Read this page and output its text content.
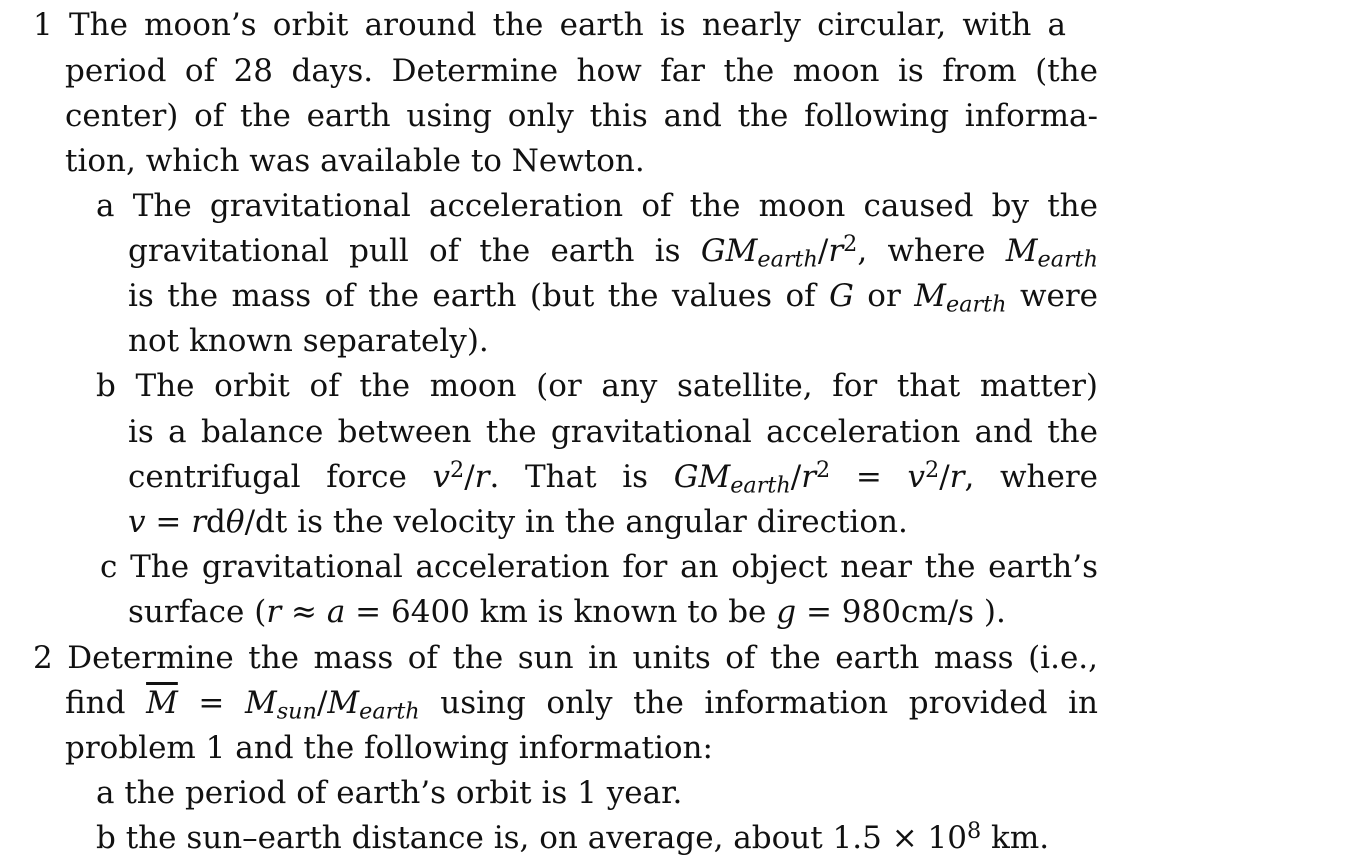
1 The moon’s orbit around the earth is nearly circular, with a
period of 28 days. Determine how far the moon is from (the
center) of the earth using only this and the following informa-
tion, which was available to Newton.
a The gravitational acceleration of the moon caused by the
gravitational pull of the earth is $GM_{earth}/r^2$, where $M_{earth}$
is the mass of the earth (but the values of G or $M_{earth}$ were
not known separately).
b The orbit of the moon (or any satellite, for that matter)
is a balance between the gravitational acceleration and the
centrifugal force $v^2/r$. That is $GM_{earth}/r^2 = v^2/r$, where
v = rdθ/dt is the velocity in the angular direction.
c The gravitational acceleration for an object near the earth’s
surface (r ≈ a = 6400 km is known to be g = 980cm/s ).
2 Determine the mass of the sun in units of the earth mass (i.e.,
find $\overline{M} = M_{sun}/M_{earth}$ using only the information provided in
problem 1 and the following information:
a the period of earth’s orbit is 1 year.
b the sun–earth distance is, on average, about $1.5 \times 10^8$ km.
